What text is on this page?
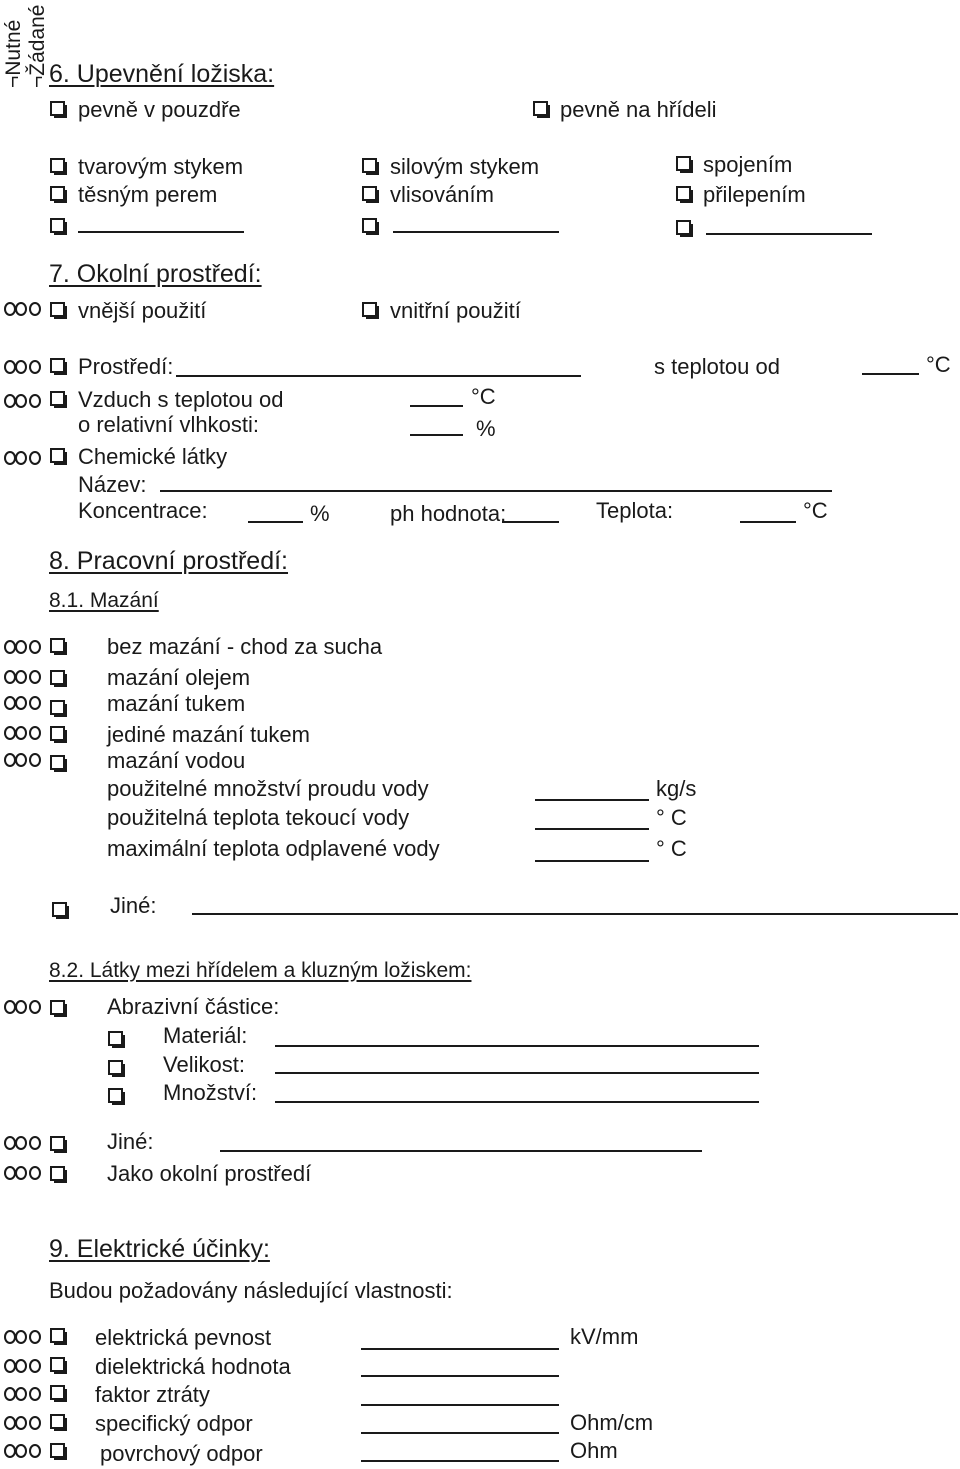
¬Nutné ¬Žádané 6. Upevnění ložiska:
pevně v pouzdře	pevně na hřídeli
tvarovým stykem	silovým stykem	spojením
těsným perem	vlisováním	přilepením
7. Okolní prostředí:
vnější použití	vnitřní použití
Prostředí:	s teplotou od	°C
Vzduch s teplotou od	°C
o relativní vlhkosti:	%
Chemické látky
Název:
Koncentrace:	%	ph hodnota:	Teplota:	°C
8. Pracovní prostředí:
8.1. Mazání
bez mazání - chod za sucha
mazání olejem
mazání tukem
jediné mazání tukem
mazání vodou
použitelné množství proudu vody	kg/s
použitelná teplota tekoucí vody	° C
maximální teplota odplavené vody	° C
Jiné:
8.2. Látky mezi hřídelem a kluzným ložiskem:
Abrazivní částice:
Materiál:
Velikost:
Množství:
Jiné:
Jako okolní prostředí
9. Elektrické účinky:
Budou požadovány následující vlastnosti:
elektrická pevnost	kV/mm
dielektrická hodnota
faktor ztráty
specifický odpor	Ohm/cm
povrchový odpor	Ohm
